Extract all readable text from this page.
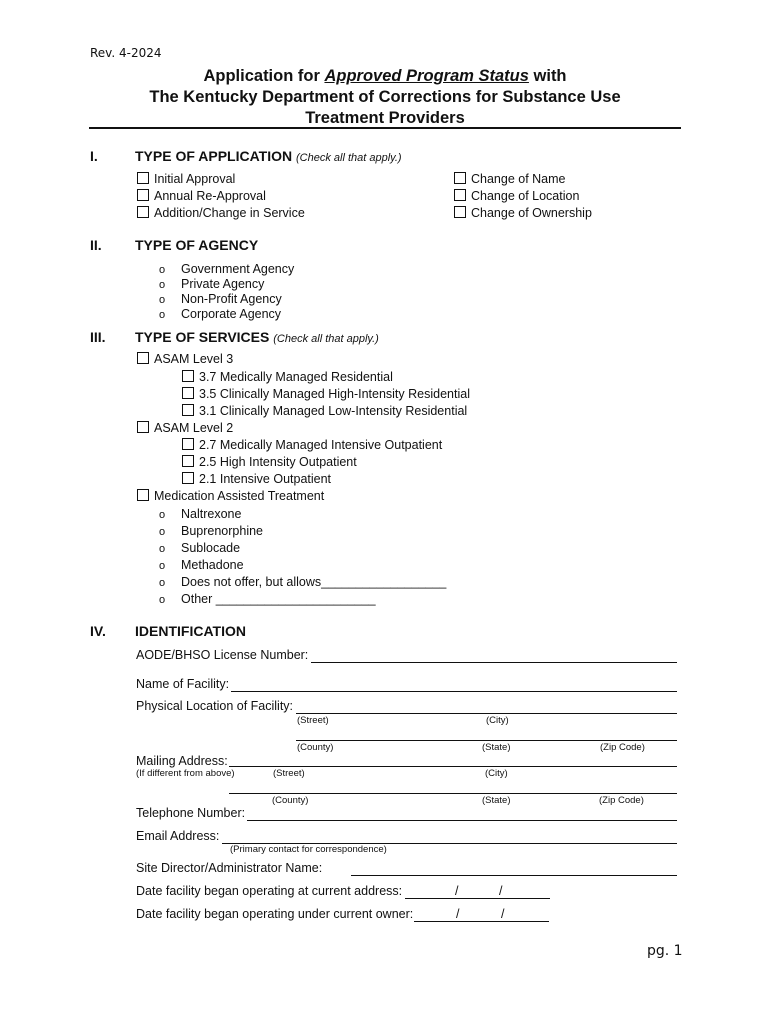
Rev. 4-2024
Application for Approved Program Status with
The Kentucky Department of Corrections for Substance Use
Treatment Providers
I.	TYPE OF APPLICATION (Check all that apply.)
Initial Approval
Annual Re-Approval
Addition/Change in Service
Change of Name
Change of Location
Change of Ownership
II. TYPE OF AGENCY
o Government Agency
o Private Agency
o Non-Profit Agency
o Corporate Agency
III. TYPE OF SERVICES (Check all that apply.)
ASAM Level 3
3.7 Medically Managed Residential
3.5 Clinically Managed High-Intensity Residential
3.1 Clinically Managed Low-Intensity Residential
ASAM Level 2
2.7 Medically Managed Intensive Outpatient
2.5 High Intensity Outpatient
2.1 Intensive Outpatient
Medication Assisted Treatment
o Naltrexone
o Buprenorphine
o Sublocade
o Methadone
o Does not offer, but allows__________________
o Other _______________________
IV. IDENTIFICATION
AODE/BHSO License Number:
Name of Facility:
Physical Location of Facility:
(Street)	(City)
(County)	(State)	(Zip Code)
Mailing Address:
(If different from above)	(Street)	(City)
(County)	(State)	(Zip Code)
Telephone Number:
Email Address:
(Primary contact for correspondence)
Site Director/Administrator Name:
Date facility began operating at current address:	/	/
Date facility began operating under current owner:	/	/
pg. 1
